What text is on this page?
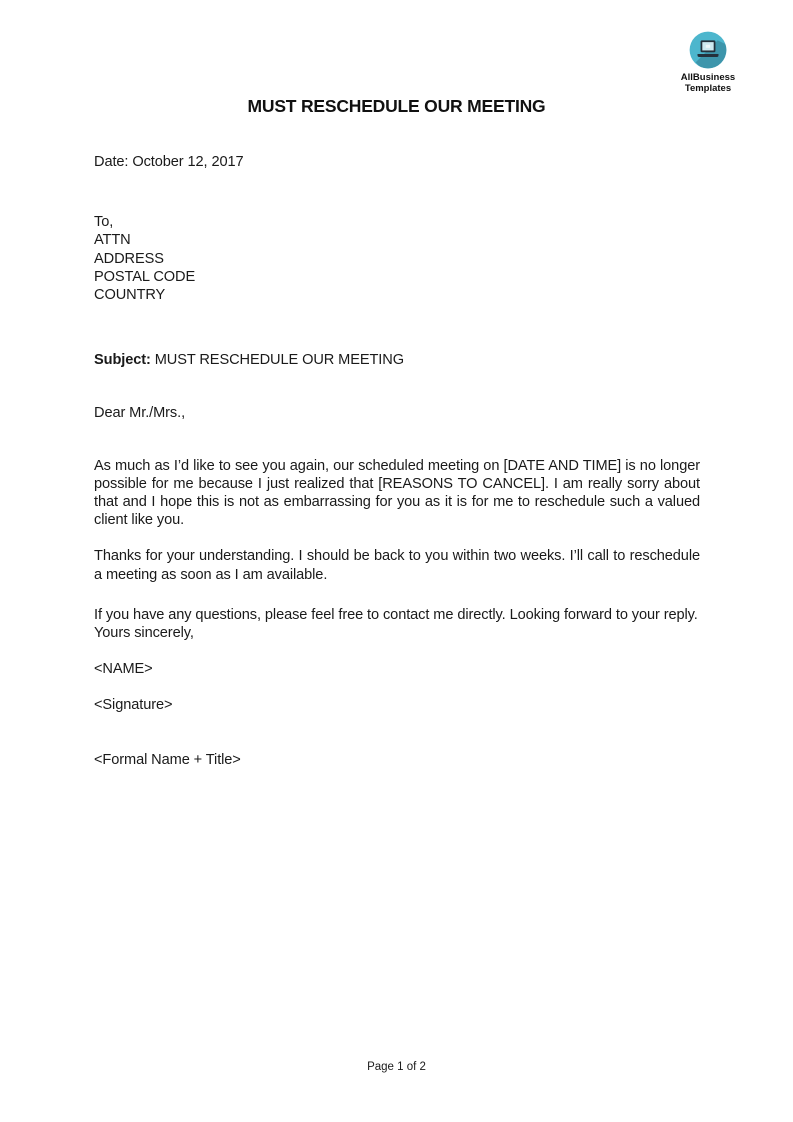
AllBusiness
Templates
MUST RESCHEDULE OUR MEETING

Date: October 12, 2017

To,

ATTN

ADDRESS

POSTAL CODE

COUNTRY

Subject: MUST RESCHEDULE OUR MEETING

Dear Mr./Mrs.,

As much as I’d like to see you again, our scheduled meeting on [DATE AND TIME] is no longer possible for me because I just realized that [REASONS TO CANCEL]. I am really sorry about that and I hope this is not as embarrassing for you as it is for me to reschedule such a valued client like you.

Thanks for your understanding. I should be back to you within two weeks. I’ll call to reschedule a meeting as soon as I am available.

If you have any questions, please feel free to contact me directly. Looking forward to your reply.

Yours sincerely,

<NAME>

<Signature>

<Formal Name + Title>

Page 1 of 2
